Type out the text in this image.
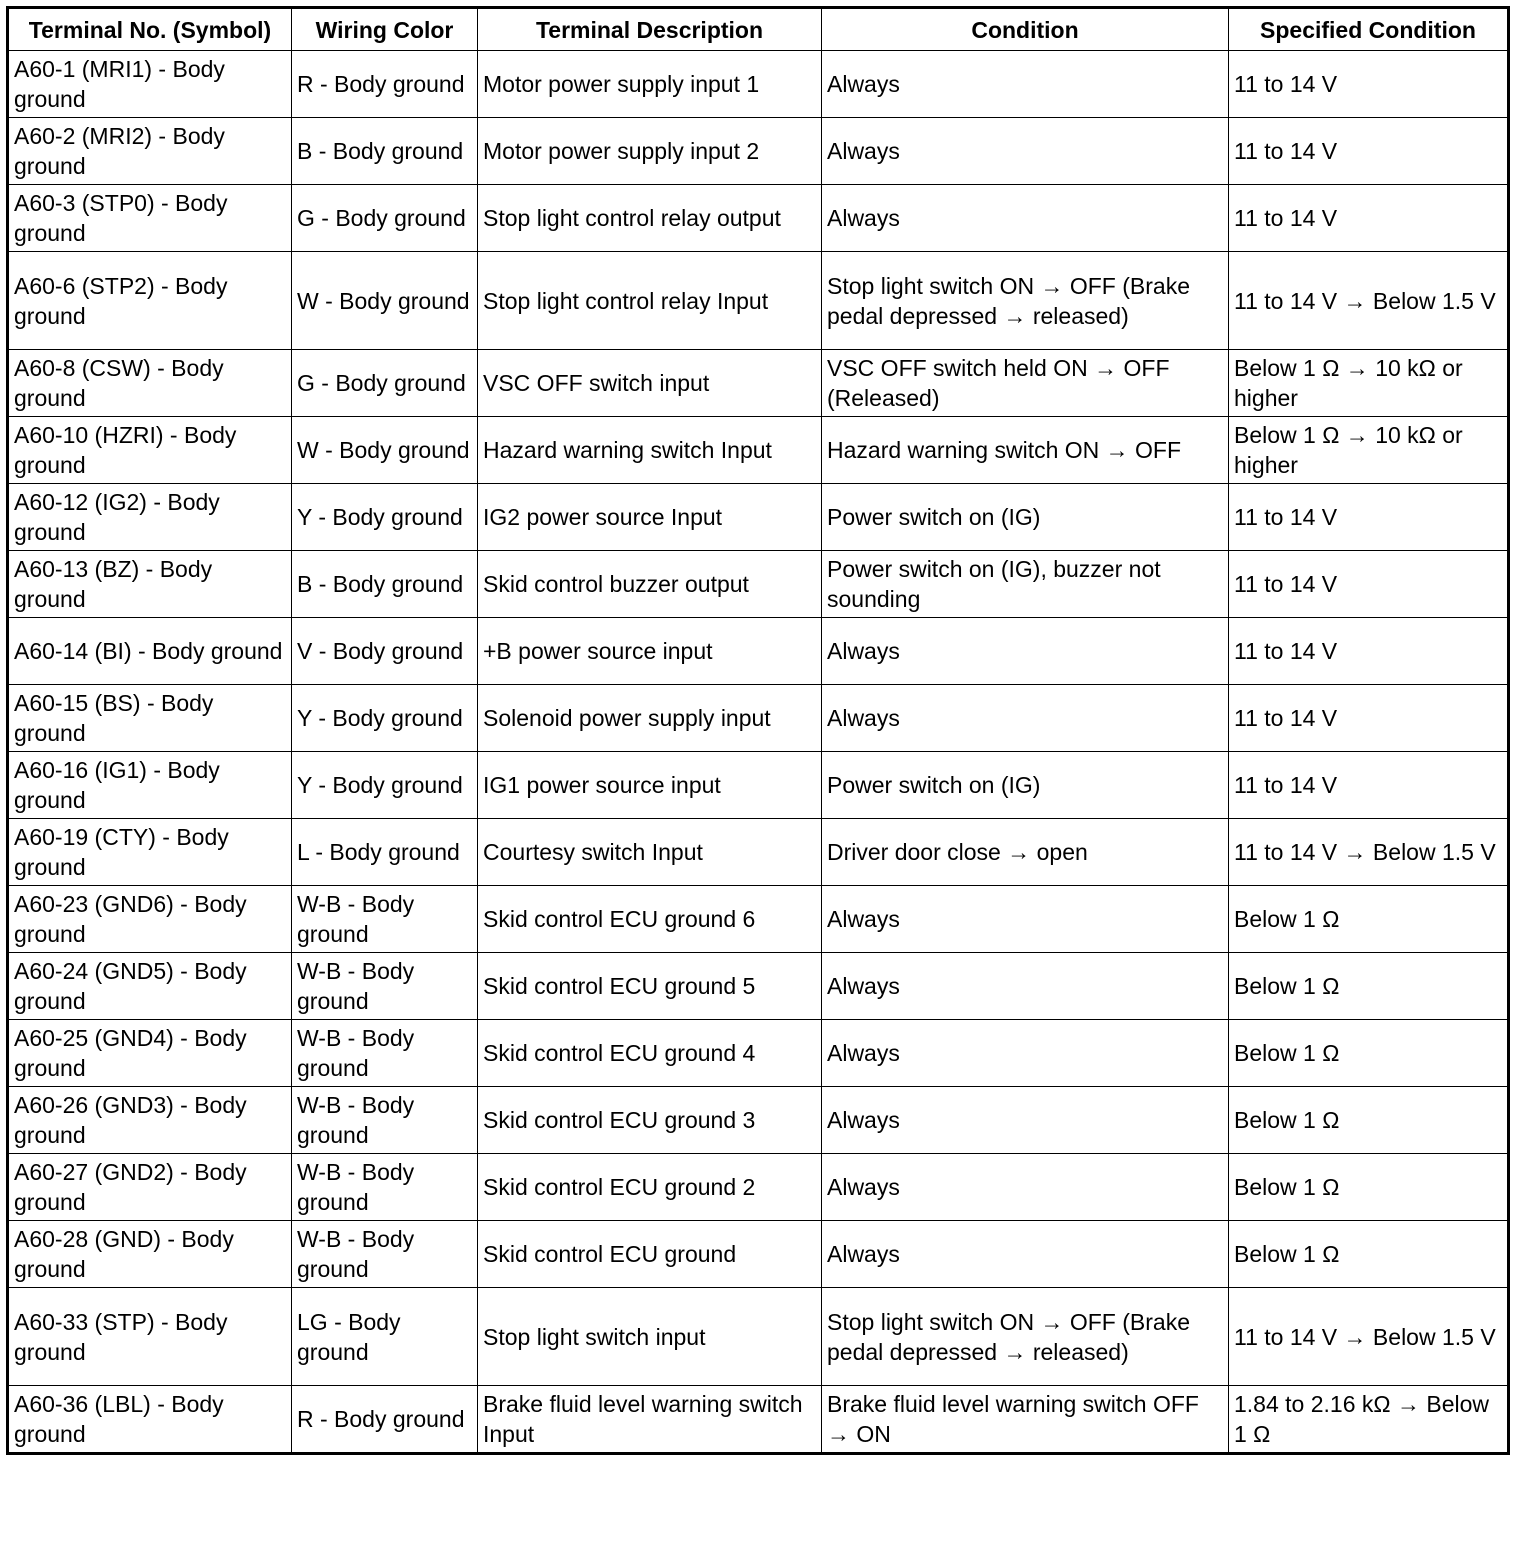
Terminal No. (Symbol)	Wiring Color	Terminal Description	Condition	Specified Condition
A60-1 (MRI1) - Body ground	R - Body ground	Motor power supply input 1	Always	11 to 14 V
A60-2 (MRI2) - Body ground	B - Body ground	Motor power supply input 2	Always	11 to 14 V
A60-3 (STP0) - Body ground	G - Body ground	Stop light control relay output	Always	11 to 14 V
A60-6 (STP2) - Body ground	W - Body ground	Stop light control relay Input	Stop light switch ON → OFF (Brake pedal depressed → released)	11 to 14 V → Below 1.5 V
A60-8 (CSW) - Body ground	G - Body ground	VSC OFF switch input	VSC OFF switch held ON → OFF (Released)	Below 1 Ω → 10 kΩ or higher
A60-10 (HZRI) - Body ground	W - Body ground	Hazard warning switch Input	Hazard warning switch ON → OFF	Below 1 Ω → 10 kΩ or higher
A60-12 (IG2) - Body ground	Y - Body ground	IG2 power source Input	Power switch on (IG)	11 to 14 V
A60-13 (BZ) - Body ground	B - Body ground	Skid control buzzer output	Power switch on (IG), buzzer not sounding	11 to 14 V
A60-14 (BI) - Body ground	V - Body ground	+B power source input	Always	11 to 14 V
A60-15 (BS) - Body ground	Y - Body ground	Solenoid power supply input	Always	11 to 14 V
A60-16 (IG1) - Body ground	Y - Body ground	IG1 power source input	Power switch on (IG)	11 to 14 V
A60-19 (CTY) - Body ground	L - Body ground	Courtesy switch Input	Driver door close → open	11 to 14 V → Below 1.5 V
A60-23 (GND6) - Body ground	W-B - Body ground	Skid control ECU ground 6	Always	Below 1 Ω
A60-24 (GND5) - Body ground	W-B - Body ground	Skid control ECU ground 5	Always	Below 1 Ω
A60-25 (GND4) - Body ground	W-B - Body ground	Skid control ECU ground 4	Always	Below 1 Ω
A60-26 (GND3) - Body ground	W-B - Body ground	Skid control ECU ground 3	Always	Below 1 Ω
A60-27 (GND2) - Body ground	W-B - Body ground	Skid control ECU ground 2	Always	Below 1 Ω
A60-28 (GND) - Body ground	W-B - Body ground	Skid control ECU ground	Always	Below 1 Ω
A60-33 (STP) - Body ground	LG - Body ground	Stop light switch input	Stop light switch ON → OFF (Brake pedal depressed → released)	11 to 14 V → Below 1.5 V
A60-36 (LBL) - Body ground	R - Body ground	Brake fluid level warning switch Input	Brake fluid level warning switch OFF → ON	1.84 to 2.16 kΩ → Below 1 Ω
